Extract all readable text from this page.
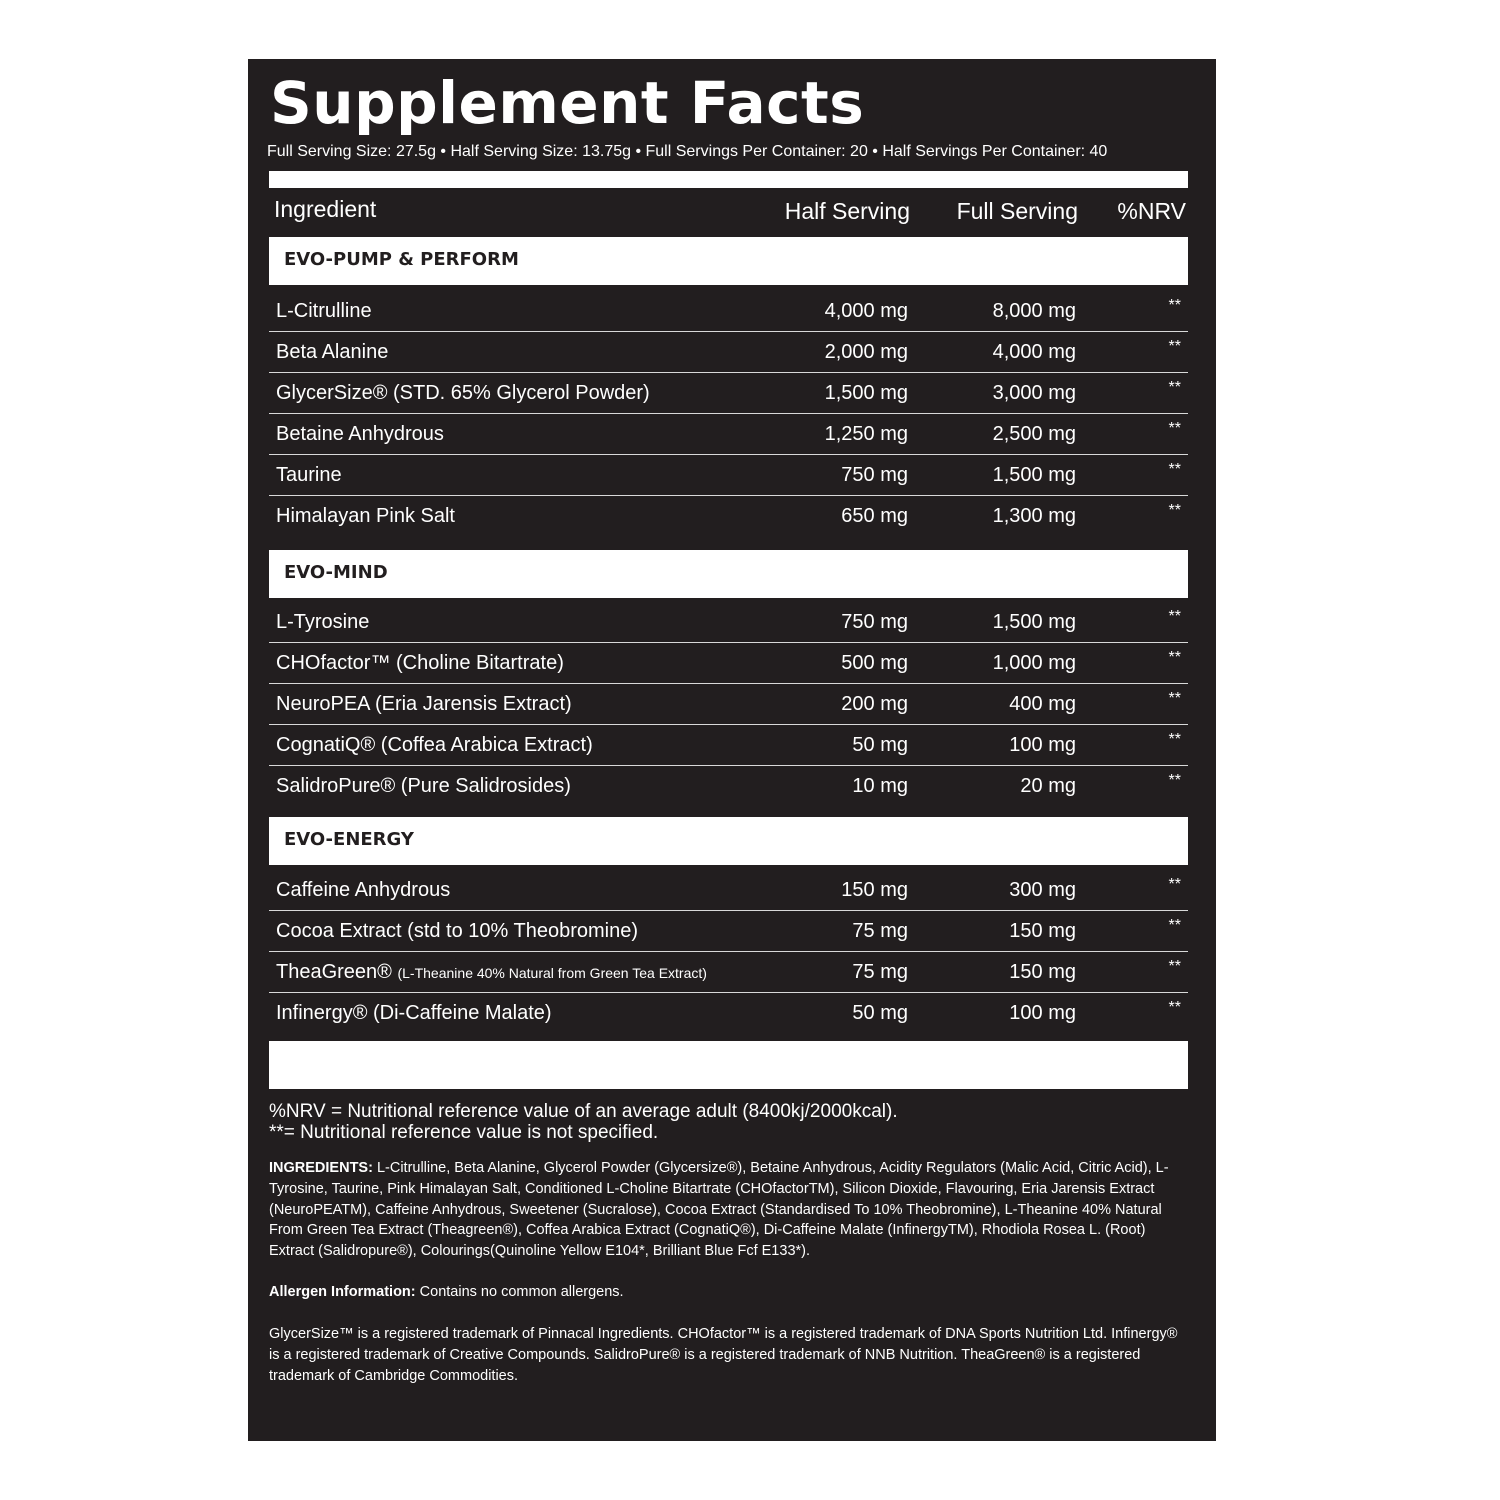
Supplement Facts
Full Serving Size: 27.5g • Half Serving Size: 13.75g • Full Servings Per Container: 20 • Half Servings Per Container: 40
Ingredient	Half Serving Full Serving %NRV
EVO-PUMP & PERFORM
L-Citrulline	4,000 mg	8,000 mg	**
Beta Alanine	2,000 mg	4,000 mg	**
GlycerSize® (STD. 65% Glycerol Powder)	1,500 mg	3,000 mg	**
Betaine Anhydrous	1,250 mg	2,500 mg	**
Taurine	750 mg	1,500 mg	**
Himalayan Pink Salt	650 mg	1,300 mg	**
EVO-MIND
L-Tyrosine	750 mg	1,500 mg	**
CHOfactor™ (Choline Bitartrate)	500 mg	1,000 mg	**
NeuroPEA (Eria Jarensis Extract)	200 mg	400 mg	**
CognatiQ® (Coffea Arabica Extract)	50 mg	100 mg	**
SalidroPure® (Pure Salidrosides)	10 mg	20 mg	**
EVO-ENERGY
Caffeine Anhydrous	150 mg	300 mg	**
Cocoa Extract (std to 10% Theobromine)	75 mg	150 mg	**
TheaGreen® (L-Theanine 40% Natural from Green Tea Extract)	75 mg	150 mg	**
Infinergy® (Di-Caffeine Malate)	50 mg	100 mg	**
%NRV = Nutritional reference value of an average adult (8400kj/2000kcal).
**= Nutritional reference value is not specified.
INGREDIENTS: L-Citrulline, Beta Alanine, Glycerol Powder (Glycersize®), Betaine Anhydrous, Acidity Regulators (Malic Acid, Citric Acid), L-Tyrosine, Taurine, Pink Himalayan Salt, Conditioned L-Choline Bitartrate (CHOfactorTM), Silicon Dioxide, Flavouring, Eria Jarensis Extract (NeuroPEATM), Caffeine Anhydrous, Sweetener (Sucralose), Cocoa Extract (Standardised To 10% Theobromine), L-Theanine 40% Natural From Green Tea Extract (Theagreen®), Coffea Arabica Extract (CognatiQ®), Di-Caffeine Malate (InfinergyTM), Rhodiola Rosea L. (Root) Extract (Salidropure®), Colourings(Quinoline Yellow E104*, Brilliant Blue Fcf E133*).
Allergen Information: Contains no common allergens.
GlycerSize™ is a registered trademark of Pinnacal Ingredients. CHOfactor™ is a registered trademark of DNA Sports Nutrition Ltd. Infinergy® is a registered trademark of Creative Compounds. SalidroPure® is a registered trademark of NNB Nutrition. TheaGreen® is a registered trademark of Cambridge Commodities.
